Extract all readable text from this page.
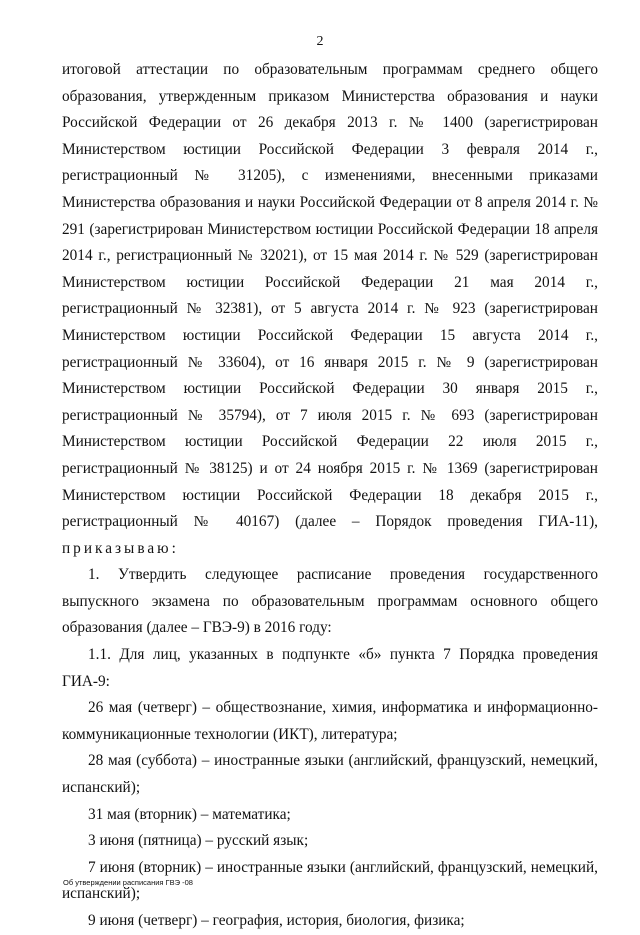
2

итоговой аттестации по образовательным программам среднего общего образования, утвержденным приказом Министерства образования и науки Российской Федерации от 26 декабря 2013 г. № 1400 (зарегистрирован Министерством юстиции Российской Федерации 3 февраля 2014 г., регистрационный № 31205), с изменениями, внесенными приказами Министерства образования и науки Российской Федерации от 8 апреля 2014 г. № 291 (зарегистрирован Министерством юстиции Российской Федерации 18 апреля 2014 г., регистрационный № 32021), от 15 мая 2014 г. № 529 (зарегистрирован Министерством юстиции Российской Федерации 21 мая 2014 г., регистрационный № 32381), от 5 августа 2014 г. № 923 (зарегистрирован Министерством юстиции Российской Федерации 15 августа 2014 г., регистрационный № 33604), от 16 января 2015 г. № 9 (зарегистрирован Министерством юстиции Российской Федерации 30 января 2015 г., регистрационный № 35794), от 7 июля 2015 г. № 693 (зарегистрирован Министерством юстиции Российской Федерации 22 июля 2015 г., регистрационный № 38125) и от 24 ноября 2015 г. № 1369 (зарегистрирован Министерством юстиции Российской Федерации 18 декабря 2015 г., регистрационный № 40167) (далее – Порядок проведения ГИА-11), приказываю:

1. Утвердить следующее расписание проведения государственного выпускного экзамена по образовательным программам основного общего образования (далее – ГВЭ-9) в 2016 году:

1.1. Для лиц, указанных в подпункте «б» пункта 7 Порядка проведения ГИА-9:

26 мая (четверг) – обществознание, химия, информатика и информационно-коммуникационные технологии (ИКТ), литература;

28 мая (суббота) – иностранные языки (английский, французский, немецкий, испанский);

31 мая (вторник) – математика;

3 июня (пятница) – русский язык;

7 июня (вторник) – иностранные языки (английский, французский, немецкий, испанский);

9 июня (четверг) – география, история, биология, физика;

Об утверждении расписания ГВЭ -08
